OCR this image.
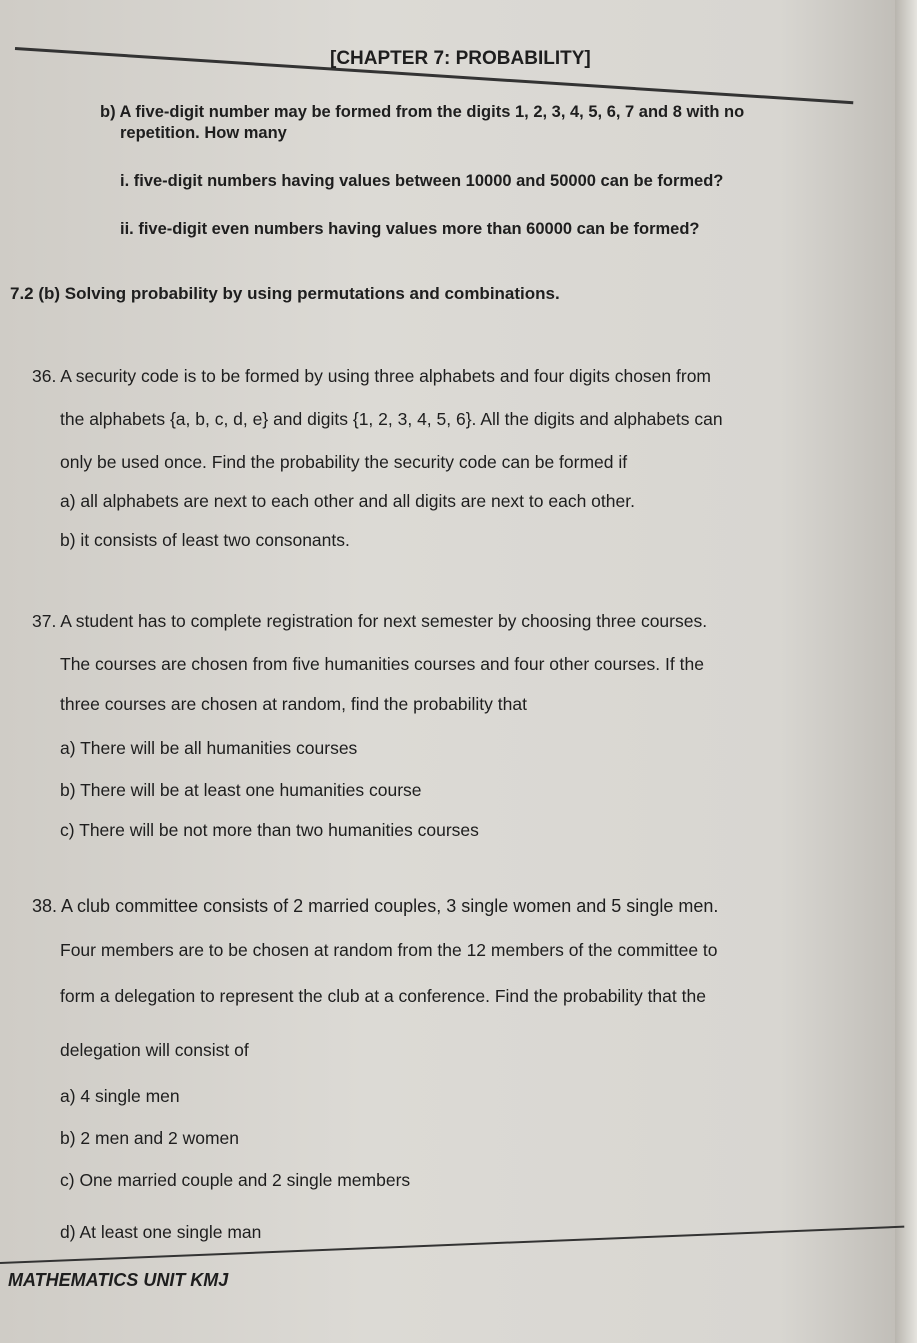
[CHAPTER 7: PROBABILITY]
b) A five-digit number may be formed from the digits 1, 2, 3, 4, 5, 6, 7 and 8 with no
repetition. How many
i. five-digit numbers having values between 10000 and 50000 can be formed?
ii. five-digit even numbers having values more than 60000 can be formed?
7.2 (b) Solving probability by using permutations and combinations.
36. A security code is to be formed by using three alphabets and four digits chosen from
the alphabets {a, b, c, d, e} and digits {1, 2, 3, 4, 5, 6}. All the digits and alphabets can
only be used once. Find the probability the security code can be formed if
a) all alphabets are next to each other and all digits are next to each other.
b) it consists of least two consonants.
37. A student has to complete registration for next semester by choosing three courses.
The courses are chosen from five humanities courses and four other courses. If the
three courses are chosen at random, find the probability that
a) There will be all humanities courses
b) There will be at least one humanities course
c) There will be not more than two humanities courses
38. A club committee consists of 2 married couples, 3 single women and 5 single men.
Four members are to be chosen at random from the 12 members of the committee to
form a delegation to represent the club at a conference. Find the probability that the
delegation will consist of
a) 4 single men
b) 2 men and 2 women
c) One married couple and 2 single members
d) At least one single man
MATHEMATICS UNIT KMJ
